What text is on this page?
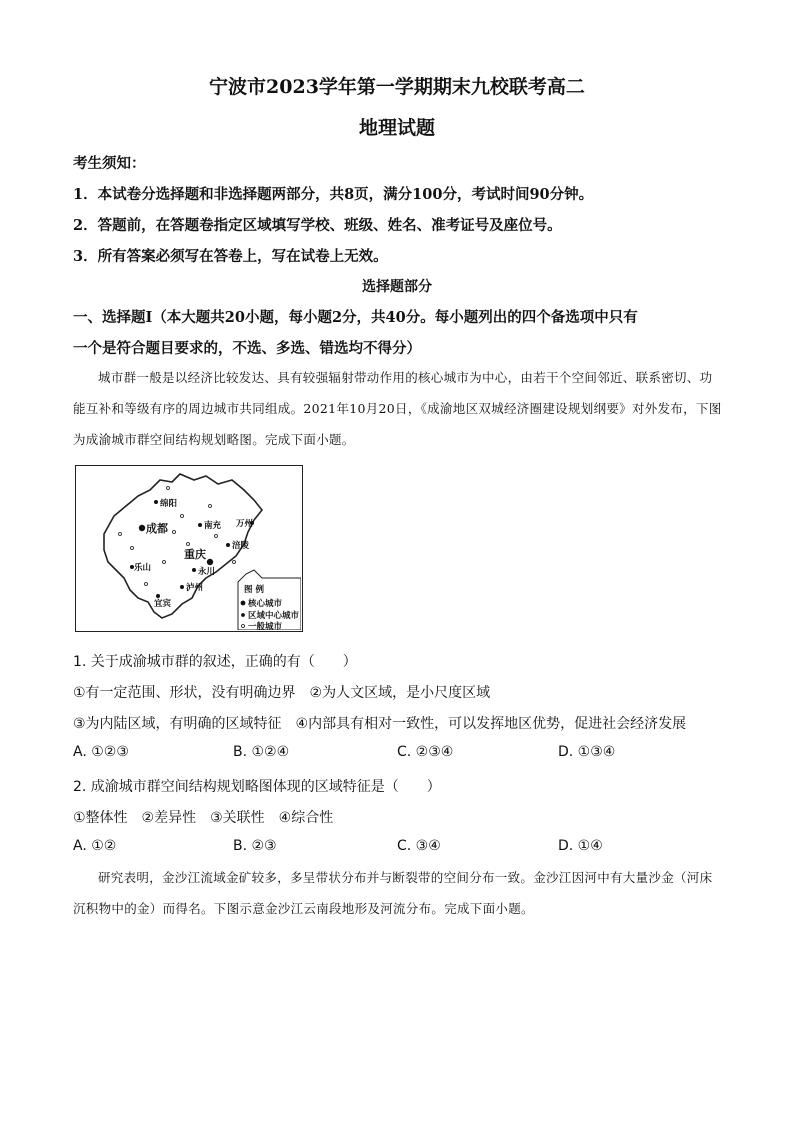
宁波市2023学年第一学期期末九校联考高二
地理试题
考生须知：
1．本试卷分选择题和非选择题两部分，共8页，满分100分，考试时间90分钟。
2．答题前，在答题卷指定区域填写学校、班级、姓名、准考证号及座位号。
3．所有答案必须写在答卷上，写在试卷上无效。
选择题部分
一、选择题Ⅰ（本大题共20小题，每小题2分，共40分。每小题列出的四个备选项中只有
一个是符合题目要求的，不选、多选、错选均不得分）
城市群一般是以经济比较发达、具有较强辐射带动作用的核心城市为中心，由若干个空间邻近、联系密切、功能互补和等级有序的周边城市共同组成。2021年10月20日，《成渝地区双城经济圈建设规划纲要》对外发布，下图为成渝城市群空间结构规划略图。完成下面小题。
绵阳
成都	南充 万州
涪陵
重庆
永川
乐山
泸州
宜宾
图 例
核心城市
区域中心城市
一般城市
1. 关于成渝城市群的叙述，正确的有（　　）
①有一定范围、形状，没有明确边界　②为人文区域，是小尺度区域
③为内陆区域，有明确的区域特征　④内部具有相对一致性，可以发挥地区优势，促进社会经济发展
A. ①②③	B. ①②④	C. ②③④	D. ①③④
2. 成渝城市群空间结构规划略图体现的区域特征是（　　）
①整体性　②差异性　③关联性　④综合性
A. ①②	B. ②③	C. ③④	D. ①④
研究表明，金沙江流域金矿较多，多呈带状分布并与断裂带的空间分布一致。金沙江因河中有大量沙金（河床沉积物中的金）而得名。下图示意金沙江云南段地形及河流分布。完成下面小题。
